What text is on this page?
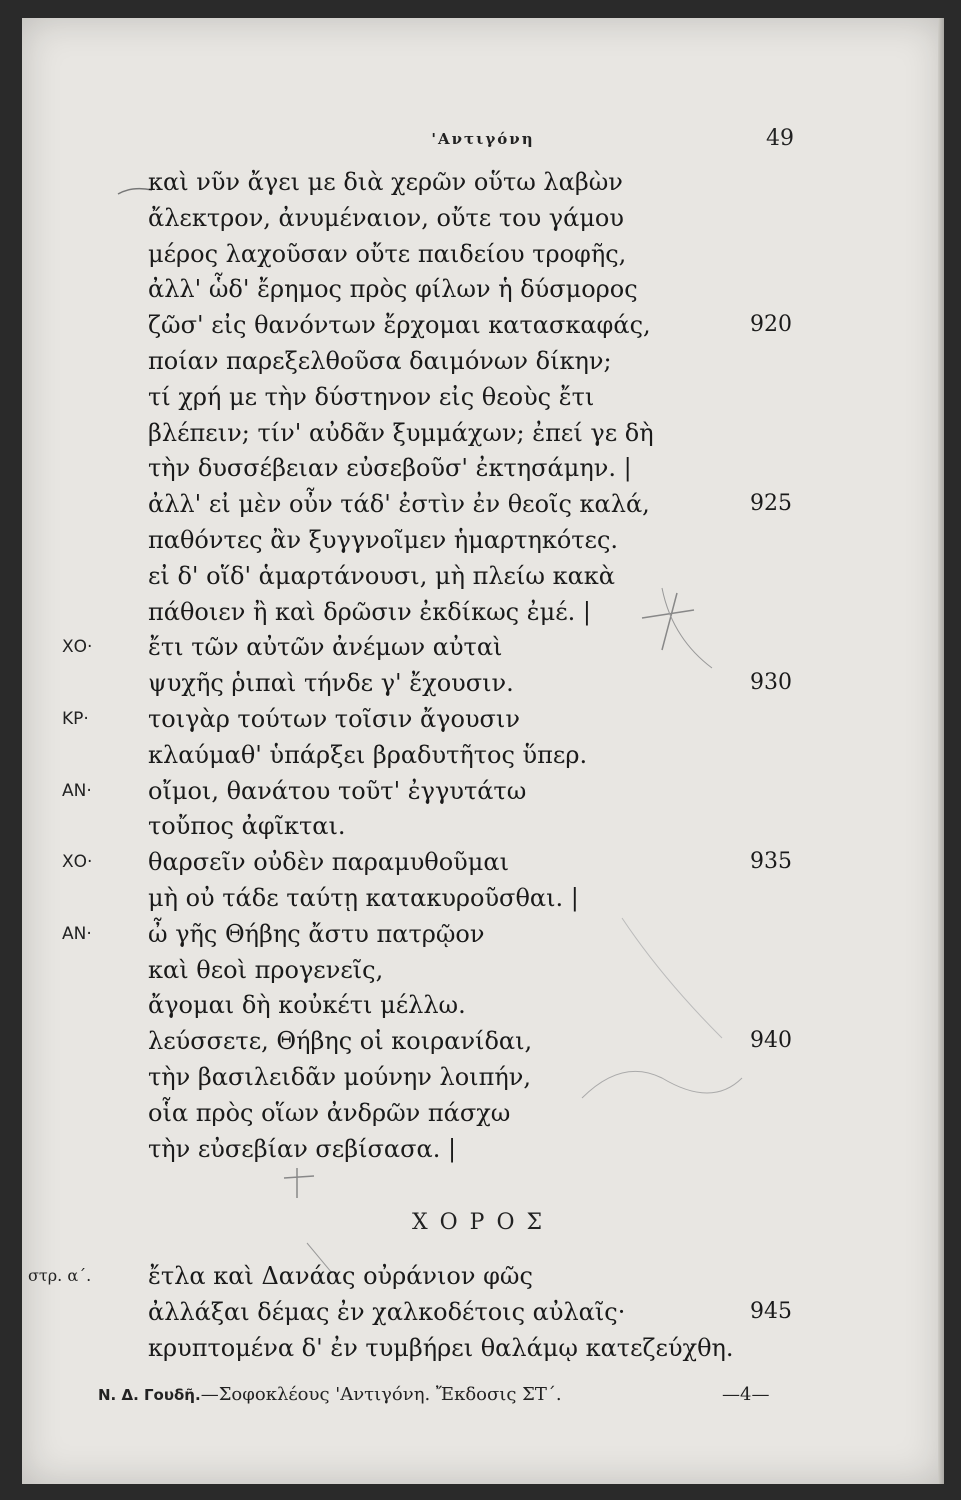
'Αντιγόνη	49
καὶ νῦν ἄγει με διὰ χερῶν οὕτω λαβὼν
ἄλεκτρον, ἀνυμέναιον, οὔτε του γάμου
μέρος λαχοῦσαν οὔτε παιδείου τροφῆς,
ἀλλ' ὧδ' ἔρημος πρὸς φίλων ἡ δύσμορος
ζῶσ' εἰς θανόντων ἔρχομαι κατασκαφάς,	920
ποίαν παρεξελθοῦσα δαιμόνων δίκην;
τί χρή με τὴν δύστηνον εἰς θεοὺς ἔτι
βλέπειν; τίν' αὐδᾶν ξυμμάχων; ἐπεί γε δὴ
τὴν δυσσέβειαν εὐσεβοῦσ' ἐκτησάμην. |
ἀλλ' εἰ μὲν οὖν τάδ' ἐστὶν ἐν θεοῖς καλά,	925
παθόντες ἂν ξυγγνοῖμεν ἡμαρτηκότες.
εἰ δ' οἵδ' ἁμαρτάνουσι, μὴ πλείω κακὰ
πάθοιεν ἢ καὶ δρῶσιν ἐκδίκως ἐμέ. |
ΧΟ·	ἔτι τῶν αὐτῶν ἀνέμων αὐταὶ
ψυχῆς ῥιπαὶ τήνδε γ' ἔχουσιν.	930
ΚΡ·	τοιγὰρ τούτων τοῖσιν ἄγουσιν
κλαύμαθ' ὑπάρξει βραδυτῆτος ὕπερ.
ΑΝ·	οἴμοι, θανάτου τοῦτ' ἐγγυτάτω
τοὔπος ἀφῖκται.
ΧΟ·	θαρσεῖν οὐδὲν παραμυθοῦμαι	935
μὴ οὐ τάδε ταύτῃ κατακυροῦσθαι. |
ΑΝ·	ὦ γῆς Θήβης ἄστυ πατρῷον
καὶ θεοὶ προγενεῖς,
ἄγομαι δὴ κοὐκέτι μέλλω.
λεύσσετε, Θήβης οἱ κοιρανίδαι,	940
τὴν βασιλειδᾶν μούνην λοιπήν,
οἷα πρὸς οἵων ἀνδρῶν πάσχω
τὴν εὐσεβίαν σεβίσασα. |
ΧΟΡΟΣ
στρ. α΄. ἔτλα καὶ Δανάας οὐράνιον φῶς
ἀλλάξαι δέμας ἐν χαλκοδέτοις αὐλαῖς·	945
κρυπτομένα δ' ἐν τυμβήρει θαλάμῳ κατεζεύχθη.
Ν. Δ. Γουδῆ.—Σοφοκλέους 'Αντιγόνη. Ἔκδοσις ΣΤ΄.	—4—
